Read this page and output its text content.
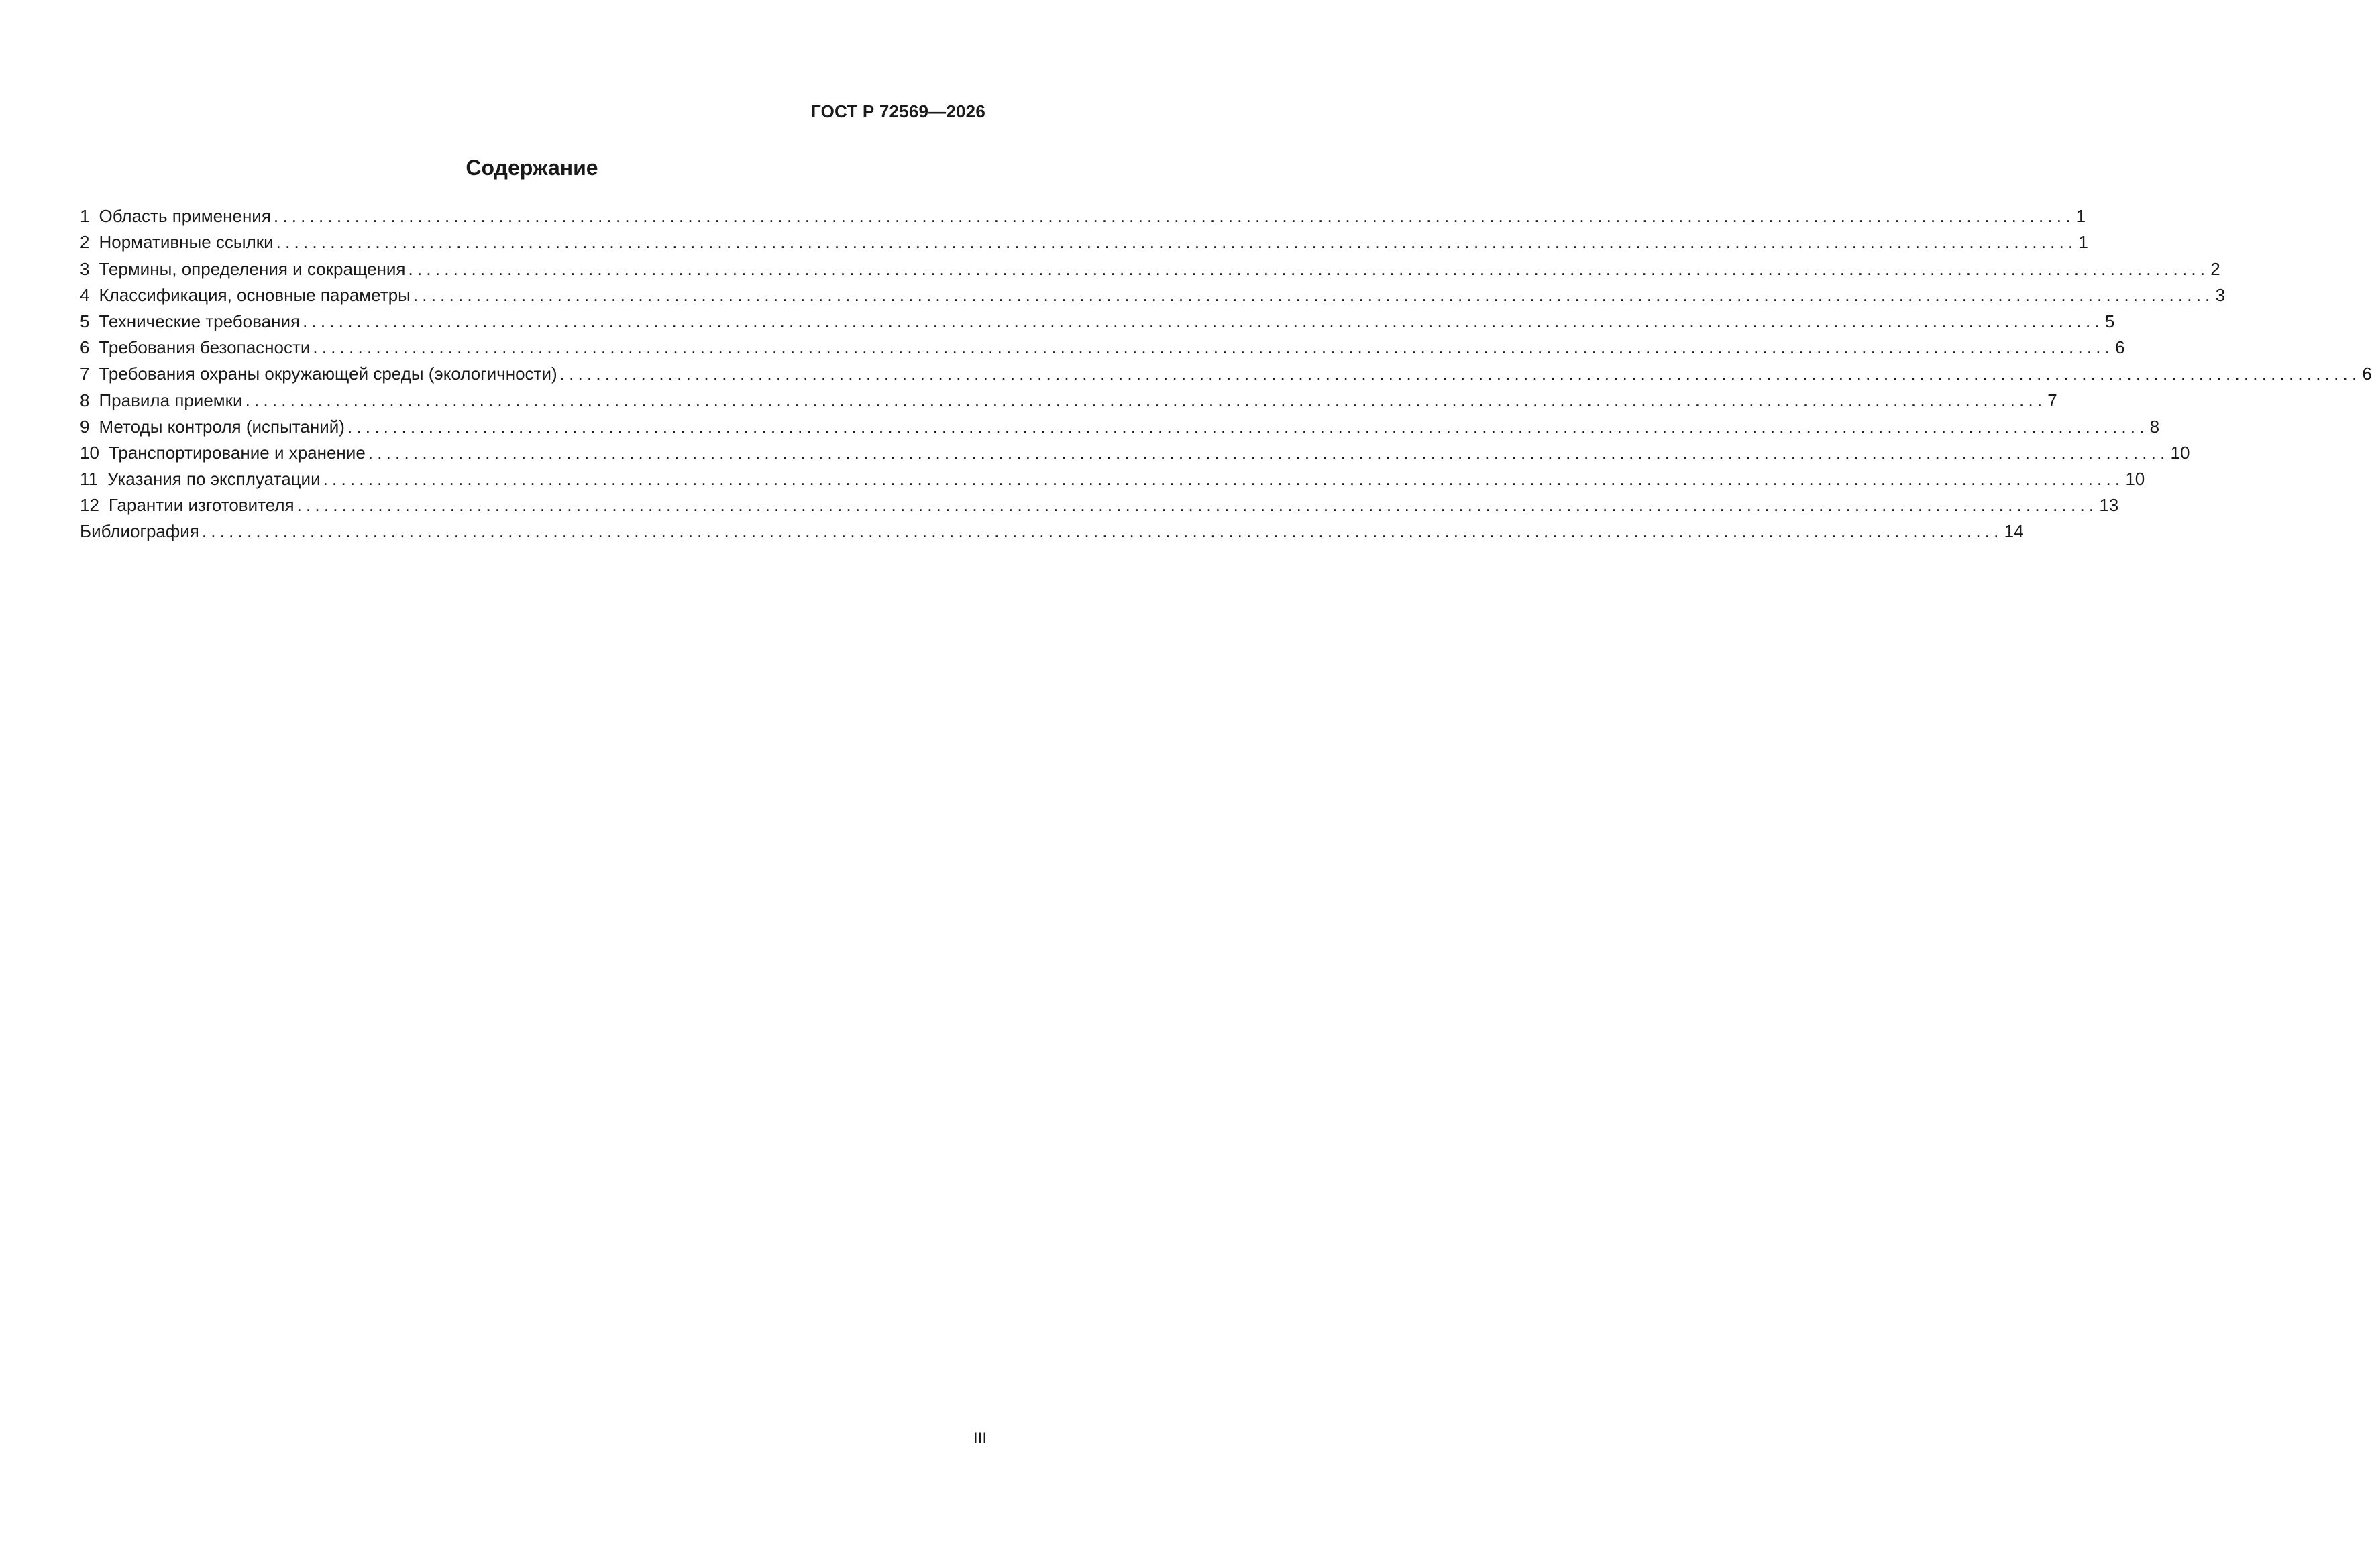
ГОСТ Р 72569—2026
Содержание
1 Область применения ........................................................................................................................................................................................................ 1
2 Нормативные ссылки ........................................................................................................................................................................................................ 1
3 Термины, определения и сокращения ........................................................................................................................................................................................................ 2
4 Классификация, основные параметры ........................................................................................................................................................................................................ 3
5 Технические требования ........................................................................................................................................................................................................ 5
6 Требования безопасности ........................................................................................................................................................................................................ 6
7 Требования охраны окружающей среды (экологичности) ........................................................................................................................................................................................................ 6
8 Правила приемки ........................................................................................................................................................................................................ 7
9 Методы контроля (испытаний) ........................................................................................................................................................................................................ 8
10 Транспортирование и хранение ........................................................................................................................................................................................................ 10
11 Указания по эксплуатации ........................................................................................................................................................................................................ 10
12 Гарантии изготовителя ........................................................................................................................................................................................................ 13
Библиография ........................................................................................................................................................................................................ 14
III
